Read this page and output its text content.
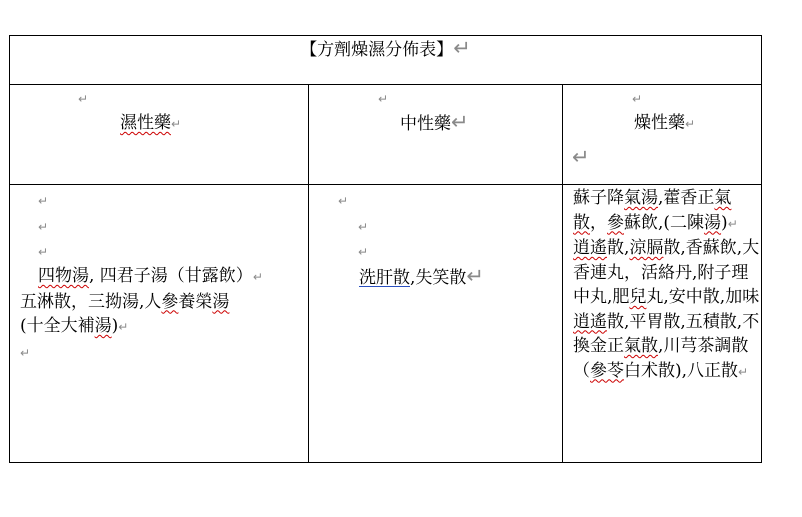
【方劑燥濕分佈表】↵
↵
濕性藥↵
↵
中性藥↵
↵
燥性藥↵
↵
↵
↵
↵
四物湯, 四君子湯（甘露飲）↵
五淋散，三拗湯,人參養榮湯
(十全大補湯)↵
↵
↵
↵
↵
洗肝散,失笑散↵

蘇子降氣湯,藿香正氣散，參蘇飲,(二陳湯)↵

逍遙散,涼膈散,香蘇飲,大香連丸，活絡丹,附子理中丸,肥兒丸,安中散,加味逍遙散,平胃散,五積散,不換金正氣散,川芎茶調散（參苓白术散),八正散↵
